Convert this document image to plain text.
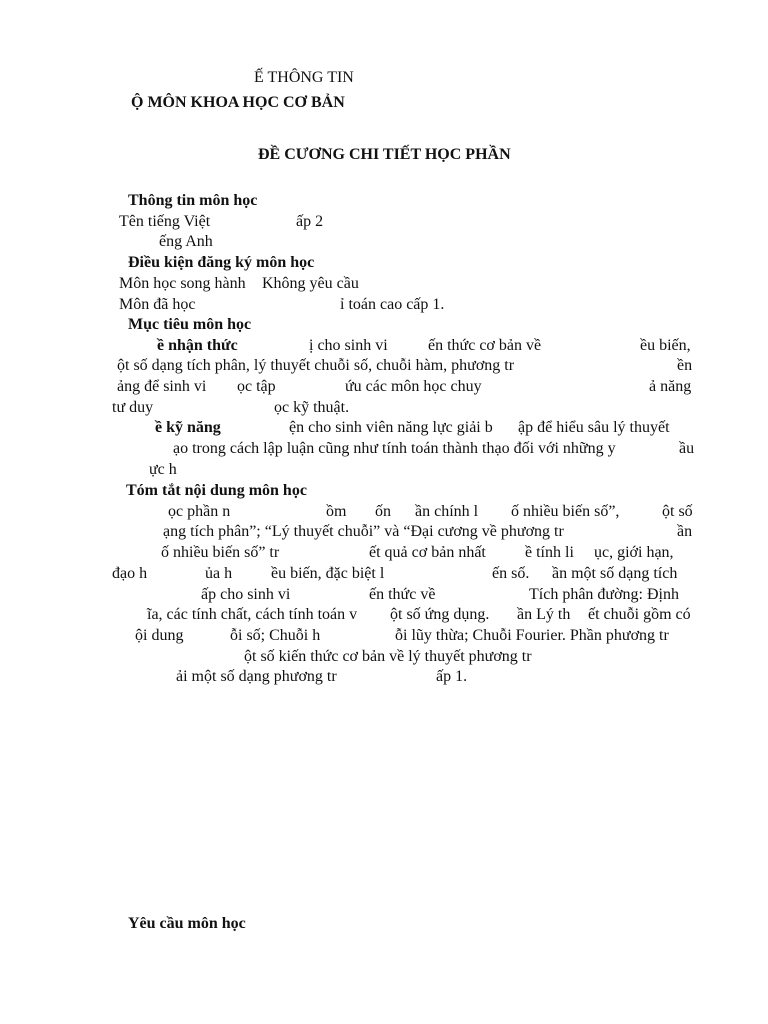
Ế THÔNG TIN
Ộ MÔN KHOA HỌC CƠ BẢN
ĐỀ CƯƠNG CHI TIẾT HỌC PHẦN
Thông tin môn học
Tên tiếng Việt	ấp 2
ếng Anh
Điều kiện đăng ký môn học
Môn học song hành Không yêu cầu
Môn đã học	ỉ toán cao cấp 1.
Mục tiêu môn học
ề nhận thức	ị cho sinh vi	ến thức cơ bản về	ều biến,
ột số dạng tích phân, lý thuyết chuỗi số, chuỗi hàm, phương tr	ền
ảng để sinh vi ọc tập	ứu các môn học chuy	ả năng
tư duy	ọc kỹ thuật.
ề kỹ năng	ện cho sinh viên năng lực giải b ập để hiểu sâu lý thuyết
ạo trong cách lập luận cũng như tính toán thành thạo đối với những y	ầu
ực h
Tóm tắt nội dung môn học
ọc phần n	ồm ốn ần chính l ố nhiều biến số”,	ột số
ạng tích phân”; “Lý thuyết chuỗi” và “Đại cương về phương tr	ần
ố nhiều biến số” tr	ết quả cơ bản nhất ề tính li ục, giới hạn,
đạo h	ủa h ều biến, đặc biệt l	ến số. ần một số dạng tích
ấp cho sinh vi	ến thức về	Tích phân đường: Định
ĩa, các tính chất, cách tính toán v ột số ứng dụng. ần Lý th ết chuỗi gồm có
ội dung	ỗi số; Chuỗi h	ỗi lũy thừa; Chuỗi Fourier. Phần phương tr
ột số kiến thức cơ bản về lý thuyết phương tr
ải một số dạng phương tr	ấp 1.
Yêu cầu môn học
